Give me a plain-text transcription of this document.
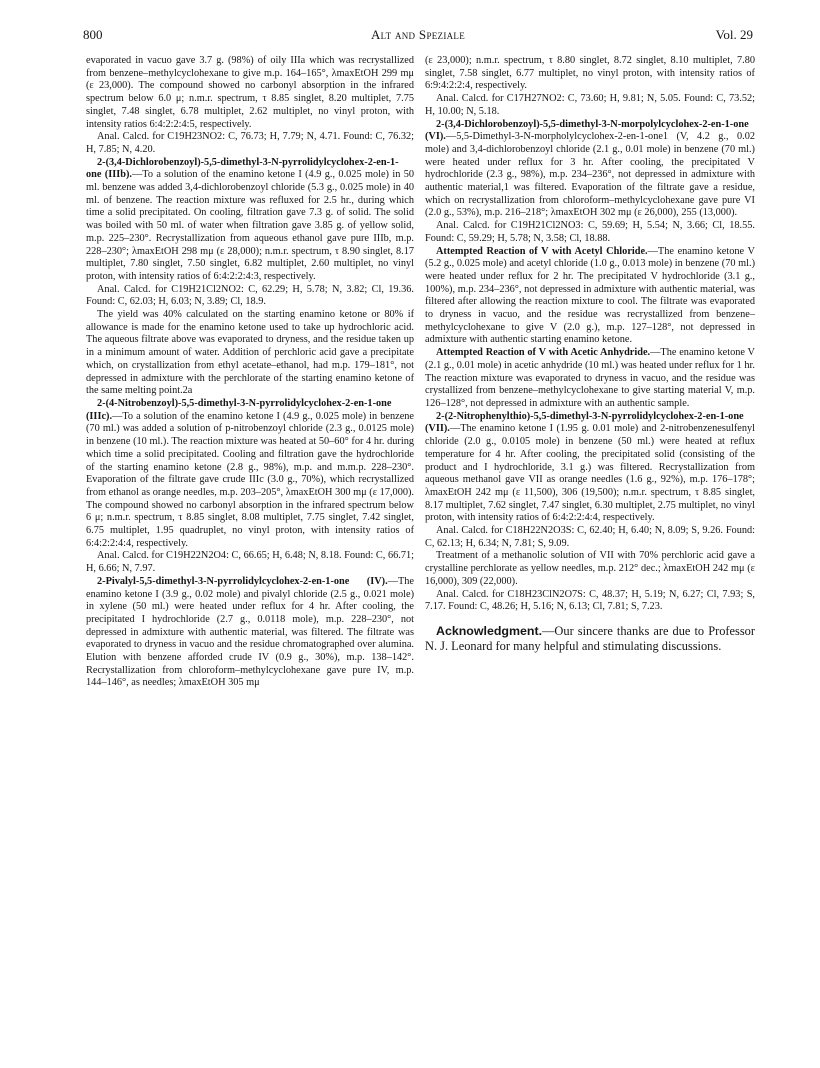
800	Alt and Speziale	Vol. 29

evaporated in vacuo gave 3.7 g. (98%) of oily IIIa which was recrystallized from benzene–methylcyclohexane to give m.p. 164–165°, λmaxEtOH 299 mμ (ε 23,000). The compound showed no carbonyl absorption in the infrared spectrum below 6.0 μ; n.m.r. spectrum, τ 8.85 singlet, 8.20 multiplet, 7.75 singlet, 7.48 singlet, 6.78 multiplet, 2.62 multiplet, no vinyl proton, with intensity ratios 6:4:2:2:4:5, respectively.

Anal. Calcd. for C19H23NO2: C, 76.73; H, 7.79; N, 4.71. Found: C, 76.32; H, 7.85; N, 4.20.

2-(3,4-Dichlorobenzoyl)-5,5-dimethyl-3-N-pyrrolidylcyclohex-2-en-1-one (IIIb).—To a solution of the enamino ketone I (4.9 g., 0.025 mole) in 50 ml. benzene was added 3,4-dichlorobenzoyl chloride (5.3 g., 0.025 mole) in 40 ml. of benzene. The reaction mixture was refluxed for 2.5 hr., during which time a solid precipitated. On cooling, filtration gave 7.3 g. of solid. The solid was boiled with 50 ml. of water when filtration gave 3.85 g. of yellow solid, m.p. 225–230°. Recrystallization from aqueous ethanol gave pure IIIb, m.p. 228–230°; λmaxEtOH 298 mμ (ε 28,000); n.m.r. spectrum, τ 8.90 singlet, 8.17 multiplet, 7.80 singlet, 7.50 singlet, 6.82 multiplet, 2.60 multiplet, no vinyl proton, with intensity ratios of 6:4:2:2:4:3, respectively.

Anal. Calcd. for C19H21Cl2NO2: C, 62.29; H, 5.78; N, 3.82; Cl, 19.36. Found: C, 62.03; H, 6.03; N, 3.89; Cl, 18.9.

The yield was 40% calculated on the starting enamino ketone or 80% if allowance is made for the enamino ketone used to take up hydrochloric acid. The aqueous filtrate above was evaporated to dryness, and the residue taken up in a minimum amount of water. Addition of perchloric acid gave a precipitate which, on crystallization from ethyl acetate–ethanol, had m.p. 179–181°, not depressed in admixture with the perchlorate of the starting enamino ketone of the same melting point.2a

2-(4-Nitrobenzoyl)-5,5-dimethyl-3-N-pyrrolidylcyclohex-2-en-1-one (IIIc).—To a solution of the enamino ketone I (4.9 g., 0.025 mole) in benzene (70 ml.) was added a solution of p-nitrobenzoyl chloride (2.3 g., 0.0125 mole) in benzene (10 ml.). The reaction mixture was heated at 50–60° for 4 hr. during which time a solid precipitated. Cooling and filtration gave the hydrochloride of the starting enamino ketone (2.8 g., 98%), m.p. and m.m.p. 228–230°. Evaporation of the filtrate gave crude IIIc (3.0 g., 70%), which recrystallized from ethanol as orange needles, m.p. 203–205°, λmaxEtOH 300 mμ (ε 17,000). The compound showed no carbonyl absorption in the infrared spectrum below 6 μ; n.m.r. spectrum, τ 8.85 singlet, 8.08 multiplet, 7.75 singlet, 7.42 singlet, 6.75 multiplet, 1.95 quadruplet, no vinyl proton, with intensity ratios of 6:4:2:2:4:4, respectively.

Anal. Calcd. for C19H22N2O4: C, 66.65; H, 6.48; N, 8.18. Found: C, 66.71; H, 6.66; N, 7.97.

2-Pivalyl-5,5-dimethyl-3-N-pyrrolidylcyclohex-2-en-1-one (IV).—The enamino ketone I (3.9 g., 0.02 mole) and pivalyl chloride (2.5 g., 0.021 mole) in xylene (50 ml.) were heated under reflux for 4 hr. After cooling, the precipitated I hydrochloride (2.7 g., 0.0118 mole), m.p. 228–230°, not depressed in admixture with authentic material, was filtered. The filtrate was evaporated to dryness in vacuo and the residue chromatographed over alumina. Elution with benzene afforded crude IV (0.9 g., 30%), m.p. 138–142°. Recrystallization from chloroform–methylcyclohexane gave pure IV, m.p. 144–146°, as needles; λmaxEtOH 305 mμ

(ε 23,000); n.m.r. spectrum, τ 8.80 singlet, 8.72 singlet, 8.10 multiplet, 7.80 singlet, 7.58 singlet, 6.77 multiplet, no vinyl proton, with intensity ratios of 6:9:4:2:2:4, respectively.

Anal. Calcd. for C17H27NO2: C, 73.60; H, 9.81; N, 5.05. Found: C, 73.52; H, 10.00; N, 5.18.

2-(3,4-Dichlorobenzoyl)-5,5-dimethyl-3-N-morpolylcyclohex-2-en-1-one (VI).—5,5-Dimethyl-3-N-morpholylcyclohex-2-en-1-one1 (V, 4.2 g., 0.02 mole) and 3,4-dichlorobenzoyl chloride (2.1 g., 0.01 mole) in benzene (70 ml.) were heated under reflux for 3 hr. After cooling, the precipitated V hydrochloride (2.3 g., 98%), m.p. 234–236°, not depressed in admixture with authentic material,1 was filtered. Evaporation of the filtrate gave a residue, which on recrystallization from chloroform–methylcyclohexane gave pure VI (2.0 g., 53%), m.p. 216–218°; λmaxEtOH 302 mμ (ε 26,000), 255 (13,000).

Anal. Calcd. for C19H21Cl2NO3: C, 59.69; H, 5.54; N, 3.66; Cl, 18.55. Found: C, 59.29; H, 5.78; N, 3.58; Cl, 18.88.

Attempted Reaction of V with Acetyl Chloride.—The enamino ketone V (5.2 g., 0.025 mole) and acetyl chloride (1.0 g., 0.013 mole) in benzene (70 ml.) were heated under reflux for 2 hr. The precipitated V hydrochloride (3.1 g., 100%), m.p. 234–236°, not depressed in admixture with authentic material, was filtered after allowing the reaction mixture to cool. The filtrate was evaporated to dryness in vacuo, and the residue was recrystallized from benzene–methylcyclohexane to give V (2.0 g.), m.p. 127–128°, not depressed in admixture with authentic starting enamino ketone.

Attempted Reaction of V with Acetic Anhydride.—The enamino ketone V (2.1 g., 0.01 mole) in acetic anhydride (10 ml.) was heated under reflux for 1 hr. The reaction mixture was evaporated to dryness in vacuo, and the residue was crystallized from benzene–methylcyclohexane to give starting material V, m.p. 126–128°, not depressed in admixture with an authentic sample.

2-(2-Nitrophenylthio)-5,5-dimethyl-3-N-pyrrolidylcyclohex-2-en-1-one (VII).—The enamino ketone I (1.95 g. 0.01 mole) and 2-nitrobenzenesulfenyl chloride (2.0 g., 0.0105 mole) in benzene (50 ml.) were heated at reflux temperature for 4 hr. After cooling, the precipitated solid (consisting of the product and I hydrochloride, 3.1 g.) was filtered. Recrystallization from aqueous methanol gave VII as orange needles (1.6 g., 92%), m.p. 176–178°; λmaxEtOH 242 mμ (ε 11,500), 306 (19,500); n.m.r. spectrum, τ 8.85 singlet, 8.17 multiplet, 7.62 singlet, 7.47 singlet, 6.30 multiplet, 2.75 multiplet, no vinyl proton, with intensity ratios of 6:4:2:2:4:4, respectively.

Anal. Calcd. for C18H22N2O3S: C, 62.40; H, 6.40; N, 8.09; S, 9.26. Found: C, 62.13; H, 6.34; N, 7.81; S, 9.09.

Treatment of a methanolic solution of VII with 70% perchloric acid gave a crystalline perchlorate as yellow needles, m.p. 212° dec.; λmaxEtOH 242 mμ (ε 16,000), 309 (22,000).

Anal. Calcd. for C18H23ClN2O7S: C, 48.37; H, 5.19; N, 6.27; Cl, 7.93; S, 7.17. Found: C, 48.26; H, 5.16; N, 6.13; Cl, 7.81; S, 7.23.

Acknowledgment.—Our sincere thanks are due to Professor N. J. Leonard for many helpful and stimulating discussions.
